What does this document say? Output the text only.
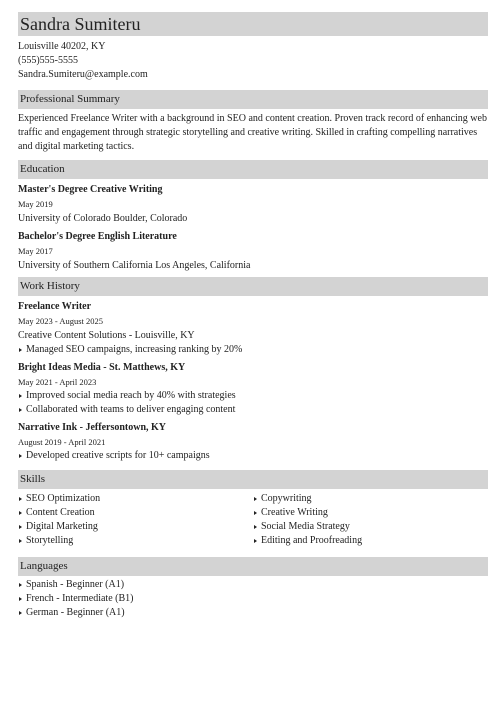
Sandra Sumiteru
Louisville 40202, KY
(555)555-5555
Sandra.Sumiteru@example.com
Professional Summary
Experienced Freelance Writer with a background in SEO and content creation. Proven track record of enhancing web traffic and engagement through strategic storytelling and creative writing. Skilled in crafting compelling narratives and digital marketing tactics.
Education
Master's Degree Creative Writing
May 2019
University of Colorado Boulder, Colorado
Bachelor's Degree English Literature
May 2017
University of Southern California Los Angeles, California
Work History
Freelance Writer
May 2023 - August 2025
Creative Content Solutions - Louisville, KY
Managed SEO campaigns, increasing ranking by 20%
Bright Ideas Media - St. Matthews, KY
May 2021 - April 2023
Improved social media reach by 40% with strategies
Collaborated with teams to deliver engaging content
Narrative Ink - Jeffersontown, KY
August 2019 - April 2021
Developed creative scripts for 10+ campaigns
Skills
SEO Optimization
Content Creation
Digital Marketing
Storytelling
Copywriting
Creative Writing
Social Media Strategy
Editing and Proofreading
Languages
Spanish - Beginner (A1)
French - Intermediate (B1)
German - Beginner (A1)
